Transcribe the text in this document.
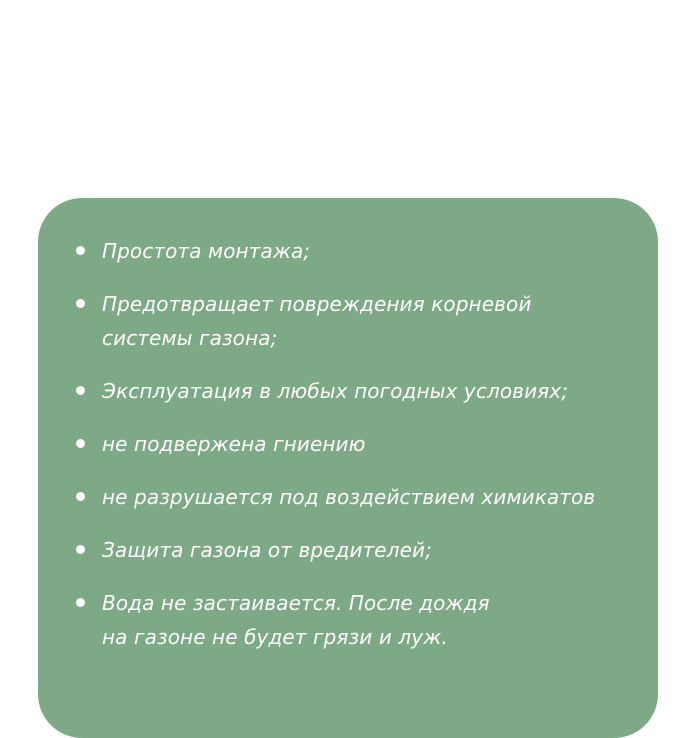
Простота монтажа;
Предотвращает повреждения корневой
системы газона;
Эксплуатация в любых погодных условиях;
не подвержена гниению
не разрушается под воздействием химикатов
Защита газона от вредителей;
Вода не застаивается. После дождя
на газоне не будет грязи и луж.
